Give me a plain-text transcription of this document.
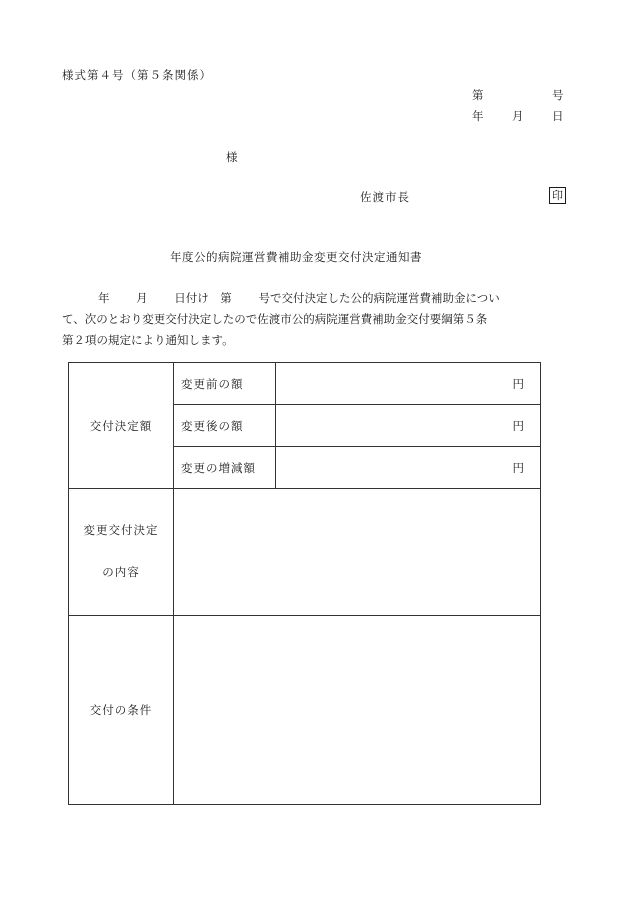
様式第４号（第５条関係）
第	号
年 月 日
様
佐渡市長	印
年度公的病院運営費補助金変更交付決定通知書
年　　 月　　 日付け　第　　 号で交付決定した公的病院運営費補助金につい
て、次のとおり変更交付決定したので佐渡市公的病院運営費補助金交付要綱第５条
第２項の規定により通知します。
交付決定額	変更前の額	円
	変更後の額	円
	変更の増減額	円

変更交付決定
の内容		

交付の条件		
